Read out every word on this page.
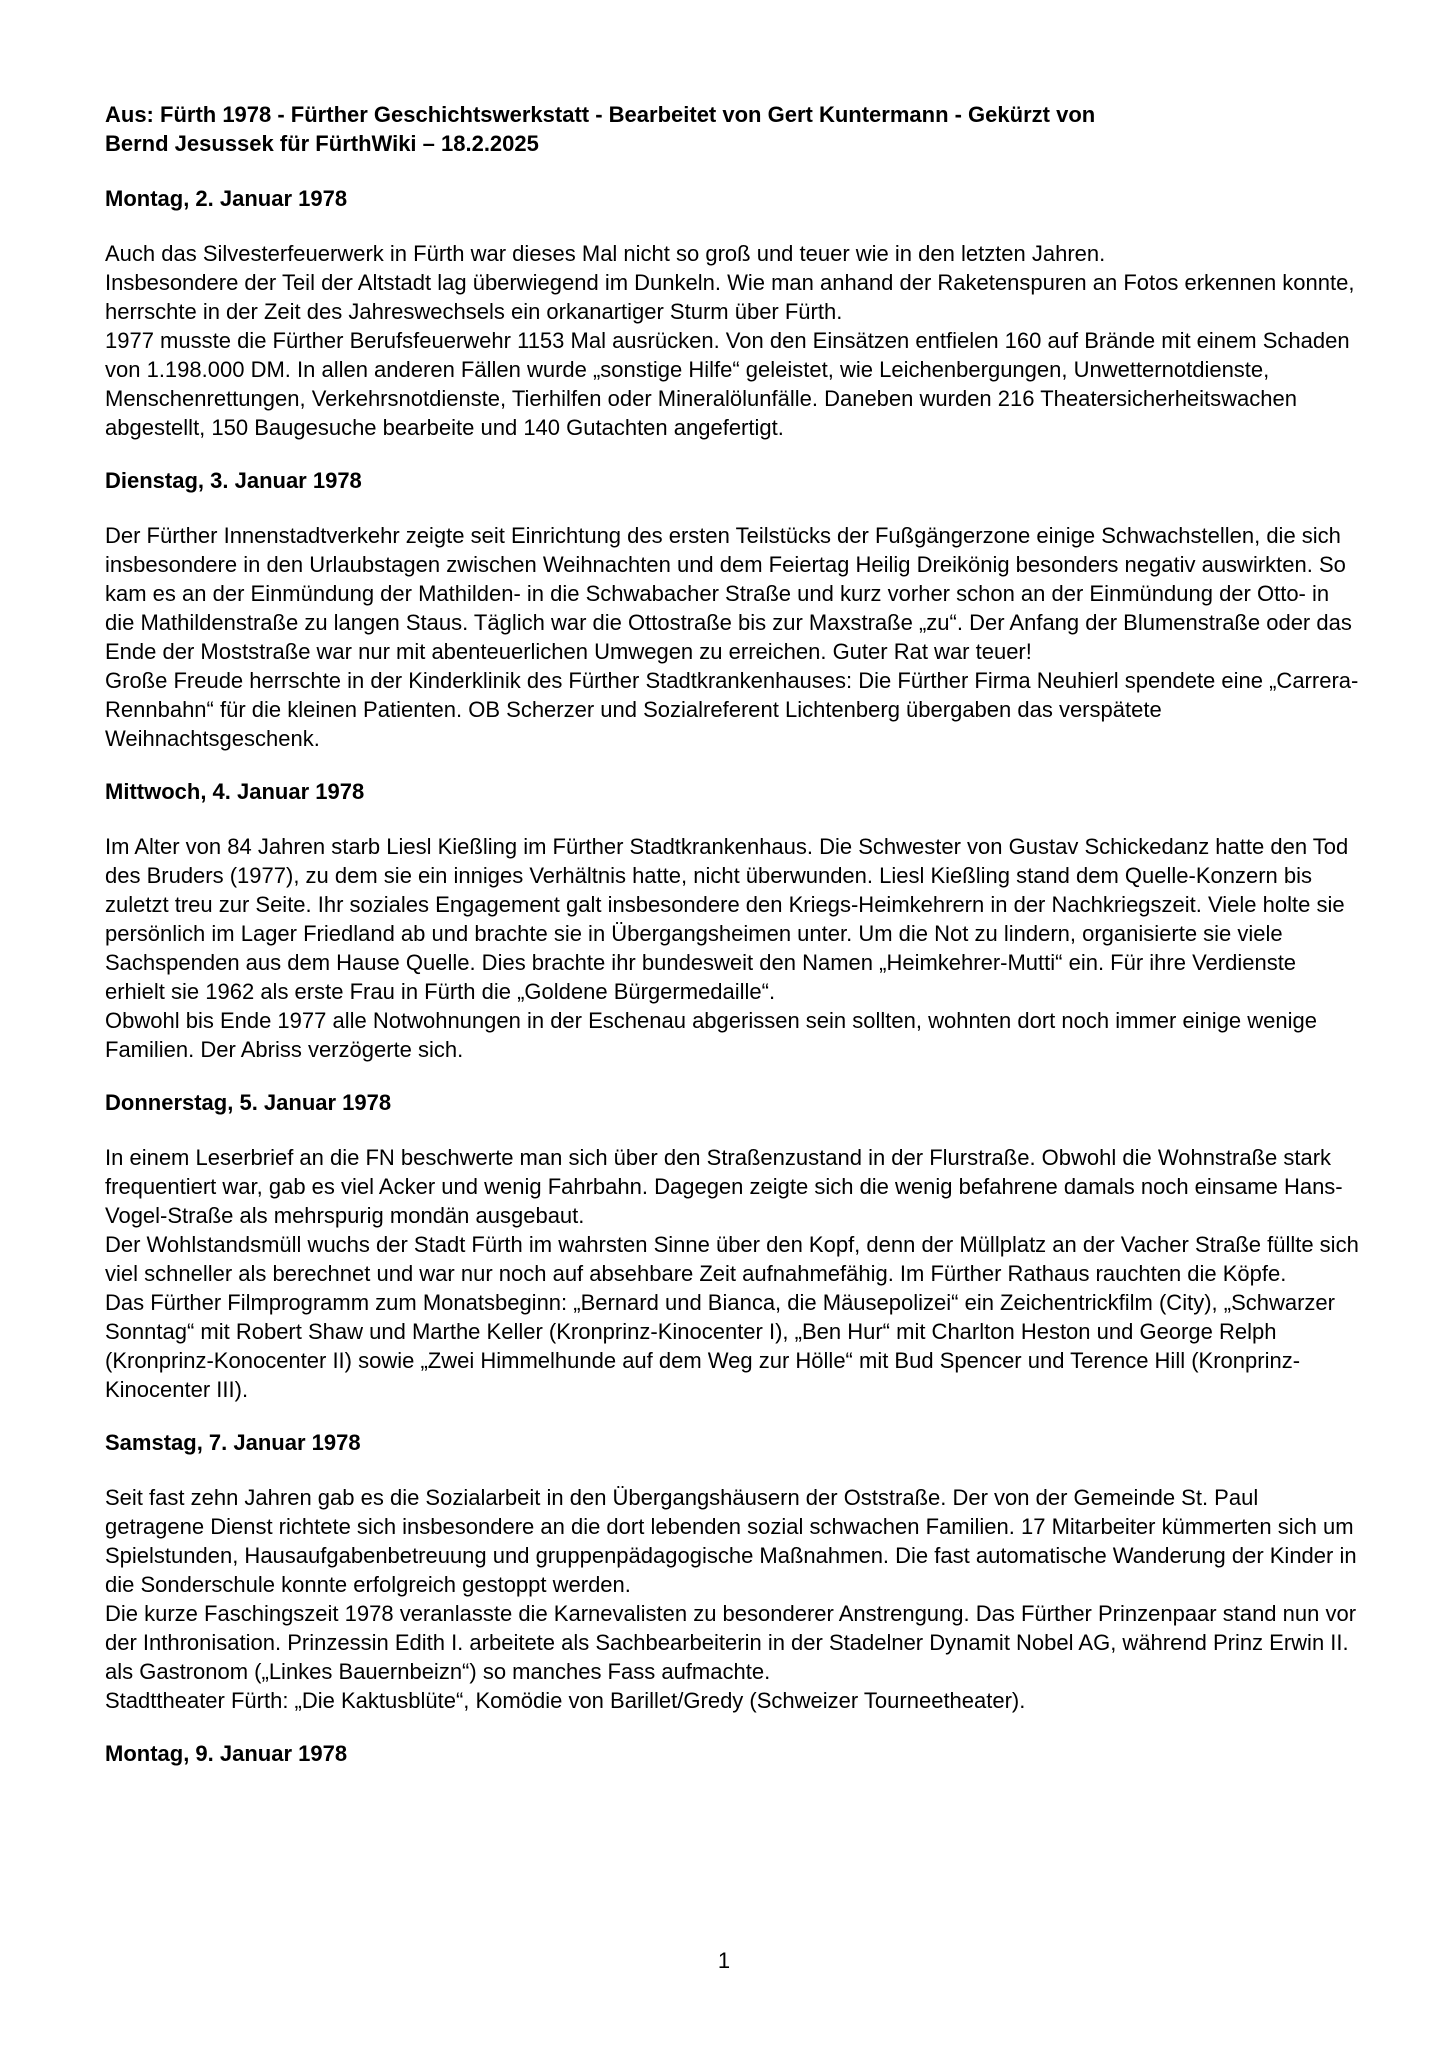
Aus: Fürth 1978 - Fürther Geschichtswerkstatt - Bearbeitet von Gert Kuntermann - Gekürzt von
Bernd Jesussek für FürthWiki – 18.2.2025

Montag, 2. Januar 1978

Auch das Silvesterfeuerwerk in Fürth war dieses Mal nicht so groß und teuer wie in den letzten Jahren.

Insbesondere der Teil der Altstadt lag überwiegend im Dunkeln. Wie man anhand der Raketenspuren an Fotos erkennen konnte, herrschte in der Zeit des Jahreswechsels ein orkanartiger Sturm über Fürth.

1977 musste die Fürther Berufsfeuerwehr 1153 Mal ausrücken. Von den Einsätzen entfielen 160 auf Brände mit einem Schaden von 1.198.000 DM. In allen anderen Fällen wurde „sonstige Hilfe“ geleistet, wie Leichenbergungen, Unwetternotdienste, Menschenrettungen, Verkehrsnotdienste, Tierhilfen oder Mineralölunfälle. Daneben wurden 216 Theatersicherheitswachen abgestellt, 150 Baugesuche bearbeite und 140 Gutachten angefertigt.

Dienstag, 3. Januar 1978

Der Fürther Innenstadtverkehr zeigte seit Einrichtung des ersten Teilstücks der Fußgängerzone einige Schwachstellen, die sich insbesondere in den Urlaubstagen zwischen Weihnachten und dem Feiertag Heilig Dreikönig besonders negativ auswirkten. So kam es an der Einmündung der Mathilden- in die Schwabacher Straße und kurz vorher schon an der Einmündung der Otto- in die Mathildenstraße zu langen Staus. Täglich war die Ottostraße bis zur Maxstraße „zu“. Der Anfang der Blumenstraße oder das Ende der Moststraße war nur mit abenteuerlichen Umwegen zu erreichen. Guter Rat war teuer!

Große Freude herrschte in der Kinderklinik des Fürther Stadtkrankenhauses: Die Fürther Firma Neuhierl spendete eine „Carrera-Rennbahn“ für die kleinen Patienten. OB Scherzer und Sozialreferent Lichtenberg übergaben das verspätete Weihnachtsgeschenk.

Mittwoch, 4. Januar 1978

Im Alter von 84 Jahren starb Liesl Kießling im Fürther Stadtkrankenhaus. Die Schwester von Gustav Schickedanz hatte den Tod des Bruders (1977), zu dem sie ein inniges Verhältnis hatte, nicht überwunden. Liesl Kießling stand dem Quelle-Konzern bis zuletzt treu zur Seite. Ihr soziales Engagement galt insbesondere den Kriegs-Heimkehrern in der Nachkriegszeit. Viele holte sie persönlich im Lager Friedland ab und brachte sie in Übergangsheimen unter. Um die Not zu lindern, organisierte sie viele Sachspenden aus dem Hause Quelle. Dies brachte ihr bundesweit den Namen „Heimkehrer-Mutti“ ein. Für ihre Verdienste erhielt sie 1962 als erste Frau in Fürth die „Goldene Bürgermedaille“.

Obwohl bis Ende 1977 alle Notwohnungen in der Eschenau abgerissen sein sollten, wohnten dort noch immer einige wenige Familien. Der Abriss verzögerte sich.

Donnerstag, 5. Januar 1978

In einem Leserbrief an die FN beschwerte man sich über den Straßenzustand in der Flurstraße. Obwohl die Wohnstraße stark frequentiert war, gab es viel Acker und wenig Fahrbahn. Dagegen zeigte sich die wenig befahrene damals noch einsame Hans-Vogel-Straße als mehrspurig mondän ausgebaut.

Der Wohlstandsmüll wuchs der Stadt Fürth im wahrsten Sinne über den Kopf, denn der Müllplatz an der Vacher Straße füllte sich viel schneller als berechnet und war nur noch auf absehbare Zeit aufnahmefähig. Im Fürther Rathaus rauchten die Köpfe.

Das Fürther Filmprogramm zum Monatsbeginn: „Bernard und Bianca, die Mäusepolizei“ ein Zeichentrickfilm (City), „Schwarzer Sonntag“ mit Robert Shaw und Marthe Keller (Kronprinz-Kinocenter I), „Ben Hur“ mit Charlton Heston und George Relph (Kronprinz-Konocenter II) sowie „Zwei Himmelhunde auf dem Weg zur Hölle“ mit Bud Spencer und Terence Hill (Kronprinz-Kinocenter III).

Samstag, 7. Januar 1978

Seit fast zehn Jahren gab es die Sozialarbeit in den Übergangshäusern der Oststraße. Der von der Gemeinde St. Paul getragene Dienst richtete sich insbesondere an die dort lebenden sozial schwachen Familien. 17 Mitarbeiter kümmerten sich um Spielstunden, Hausaufgabenbetreuung und gruppenpädagogische Maßnahmen. Die fast automatische Wanderung der Kinder in die Sonderschule konnte erfolgreich gestoppt werden.

Die kurze Faschingszeit 1978 veranlasste die Karnevalisten zu besonderer Anstrengung. Das Fürther Prinzenpaar stand nun vor der Inthronisation. Prinzessin Edith I. arbeitete als Sachbearbeiterin in der Stadelner Dynamit Nobel AG, während Prinz Erwin II. als Gastronom („Linkes Bauernbeizn“) so manches Fass aufmachte.

Stadttheater Fürth: „Die Kaktusblüte“, Komödie von Barillet/Gredy (Schweizer Tourneetheater).

Montag, 9. Januar 1978
1
